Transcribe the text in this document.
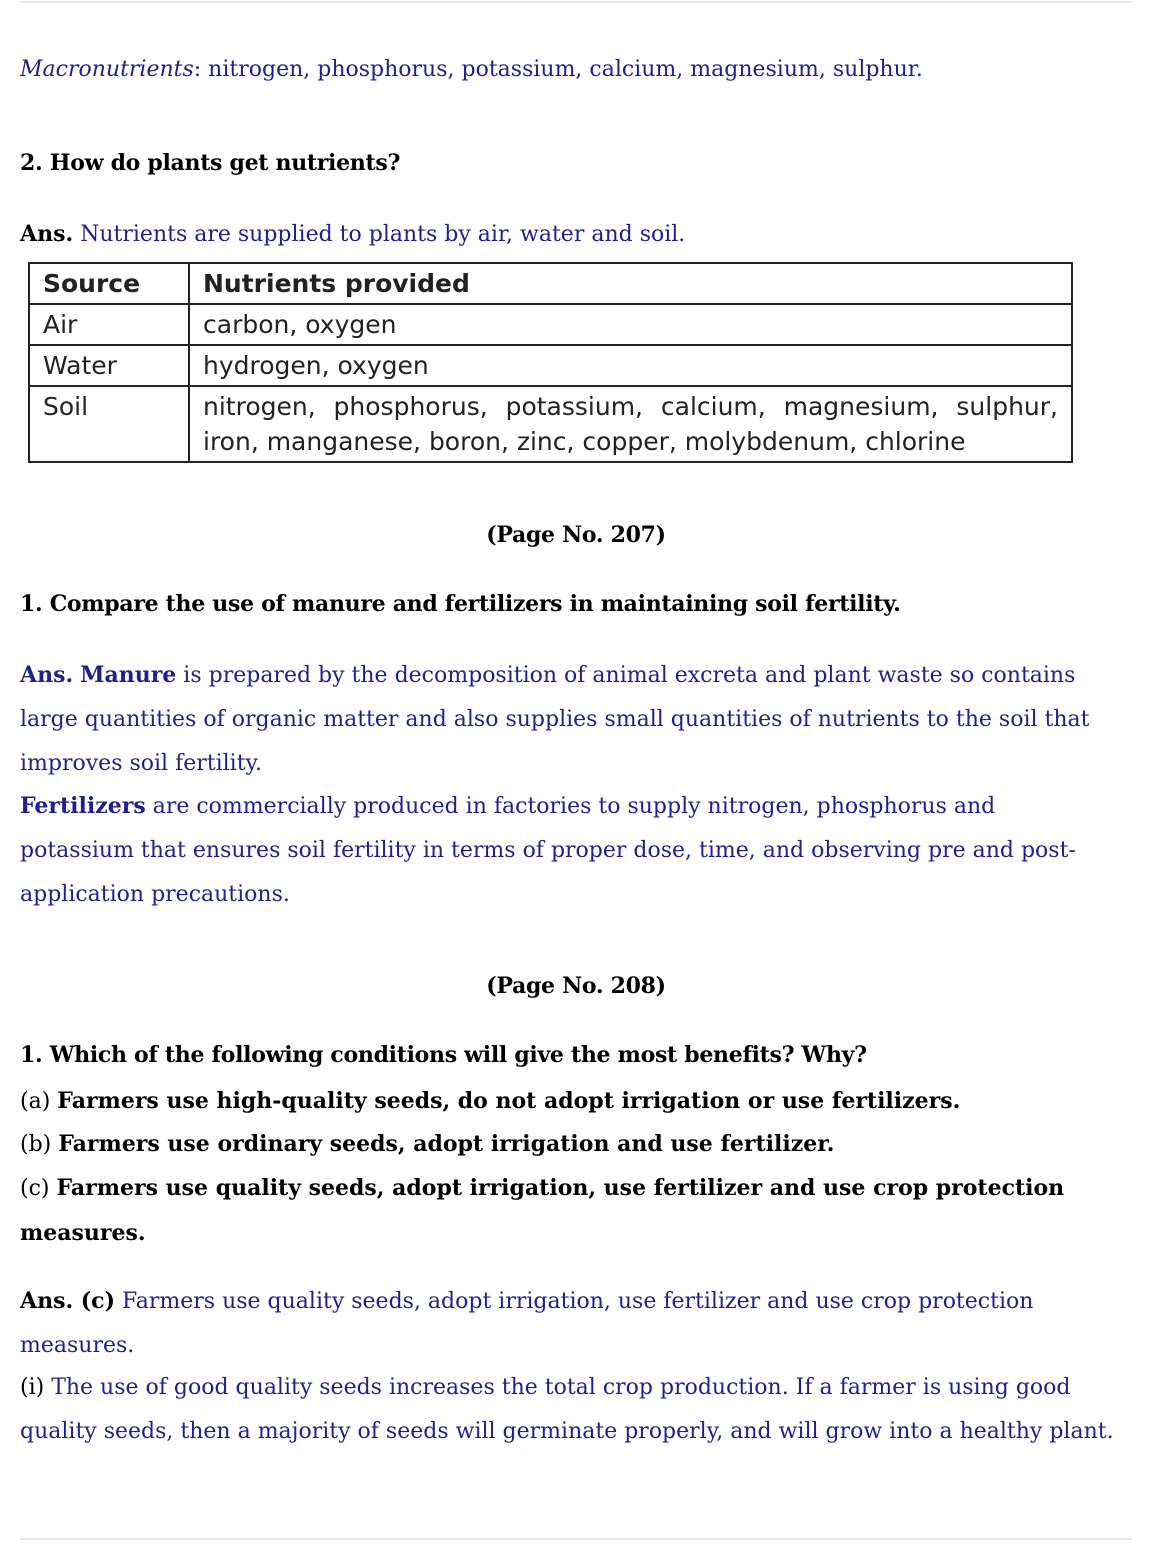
Macronutrients: nitrogen, phosphorus, potassium, calcium, magnesium, sulphur.
2. How do plants get nutrients?
Ans. Nutrients are supplied to plants by air, water and soil.
Source	Nutrients provided
Air	carbon, oxygen
Water	hydrogen, oxygen
Soil	nitrogen, phosphorus, potassium, calcium, magnesium, sulphur, iron, manganese, boron, zinc, copper, molybdenum, chlorine
(Page No. 207)
1. Compare the use of manure and fertilizers in maintaining soil fertility.
Ans. Manure is prepared by the decomposition of animal excreta and plant waste so contains large quantities of organic matter and also supplies small quantities of nutrients to the soil that improves soil fertility.
Fertilizers are commercially produced in factories to supply nitrogen, phosphorus and potassium that ensures soil fertility in terms of proper dose, time, and observing pre and post-application precautions.
(Page No. 208)
1. Which of the following conditions will give the most benefits? Why?
(a) Farmers use high-quality seeds, do not adopt irrigation or use fertilizers.
(b) Farmers use ordinary seeds, adopt irrigation and use fertilizer.
(c) Farmers use quality seeds, adopt irrigation, use fertilizer and use crop protection measures.
Ans. (c) Farmers use quality seeds, adopt irrigation, use fertilizer and use crop protection measures.
(i) The use of good quality seeds increases the total crop production. If a farmer is using good quality seeds, then a majority of seeds will germinate properly, and will grow into a healthy plant.
